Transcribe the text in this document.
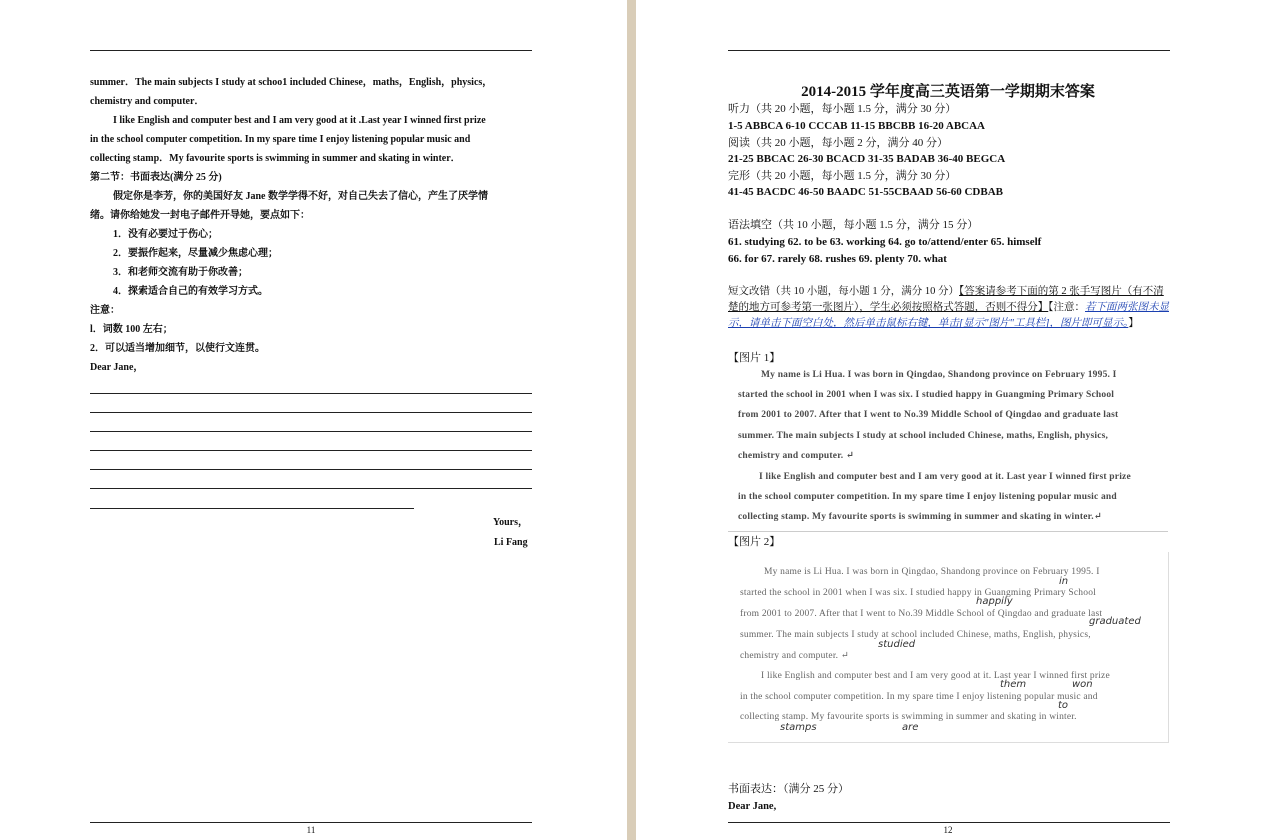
summer．The main subjects I study at schoo1 included Chinese，maths，English，physics，
chemistry and computer．
I like English and computer best and I am very good at it .Last year I winned first prize
in the school computer competition. In my spare time I enjoy listening popular music and
collecting stamp．My favourite sports is swimming in summer and skating in winter．
第二节：书面表达(满分 25 分)
假定你是李芳，你的美国好友 Jane 数学学得不好，对自己失去了信心，产生了厌学情
绪。请你给她发一封电子邮件开导她，要点如下：
1．没有必要过于伤心；
2．要振作起来，尽量减少焦虑心理；
3．和老师交流有助于你改善；
4．探索适合自己的有效学习方式。
注意：
l．词数 100 左右；
2．可以适当增加细节，以使行文连贯。
Dear Jane，
Yours，
Li Fang
11
2014-2015 学年度高三英语第一学期期末答案
听力（共 20 小题，每小题 1.5 分，满分 30 分）
1-5 ABBCA 6-10 CCCAB 11-15 BBCBB 16-20 ABCAA
阅读（共 20 小题，每小题 2 分，满分 40 分）
21-25 BBCAC 26-30 BCACD 31-35 BADAB 36-40 BEGCA
完形（共 20 小题，每小题 1.5 分，满分 30 分）
41-45 BACDC 46-50 BAADC 51-55CBAAD 56-60 CDBAB
语法填空（共 10 小题，每小题 1.5 分，满分 15 分）
61. studying 62. to be 63. working 64. go to/attend/enter 65. himself
66. for 67. rarely 68. rushes 69. plenty 70. what
短文改错（共 10 小题，每小题 1 分，满分 10 分）【答案请参考下面的第 2 张手写图片（有不清楚的地方可参考第一张图片），学生必须按照格式答题，否则不得分】【注意：若下面两张图未显示，请单击下面空白处，然后单击鼠标右键，单击[显示"图片"工具栏]，图片即可显示。】
【图片 1】
My name is Li Hua. I was born in Qingdao, Shandong province on February 1995. I
started the school in 2001 when I was six. I studied happy in Guangming Primary School
from 2001 to 2007. After that I went to No.39 Middle School of Qingdao and graduate last
summer. The main subjects I study at school included Chinese, maths, English, physics,
chemistry and computer. ↵
I like English and computer best and I am very good at it. Last year I winned first prize
in the school computer competition. In my spare time I enjoy listening popular music and
collecting stamp. My favourite sports is swimming in summer and skating in winter.↵
【图片 2】
My name is Li Hua. I was born in Qingdao, Shandong province on February 1995. I
started the school in 2001 when I was six. I studied happy in Guangming Primary School
from 2001 to 2007. After that I went to No.39 Middle School of Qingdao and graduate last
summer. The main subjects I study at school included Chinese, maths, English, physics,
chemistry and computer. ↵
I like English and computer best and I am very good at it. Last year I winned first prize
in the school computer competition. In my spare time I enjoy listening popular music and
collecting stamp. My favourite sports is swimming in summer and skating in winter.
in
happily
graduated
studied
them	won
to
stamps	are
书面表达：（满分 25 分）
Dear Jane,
12
